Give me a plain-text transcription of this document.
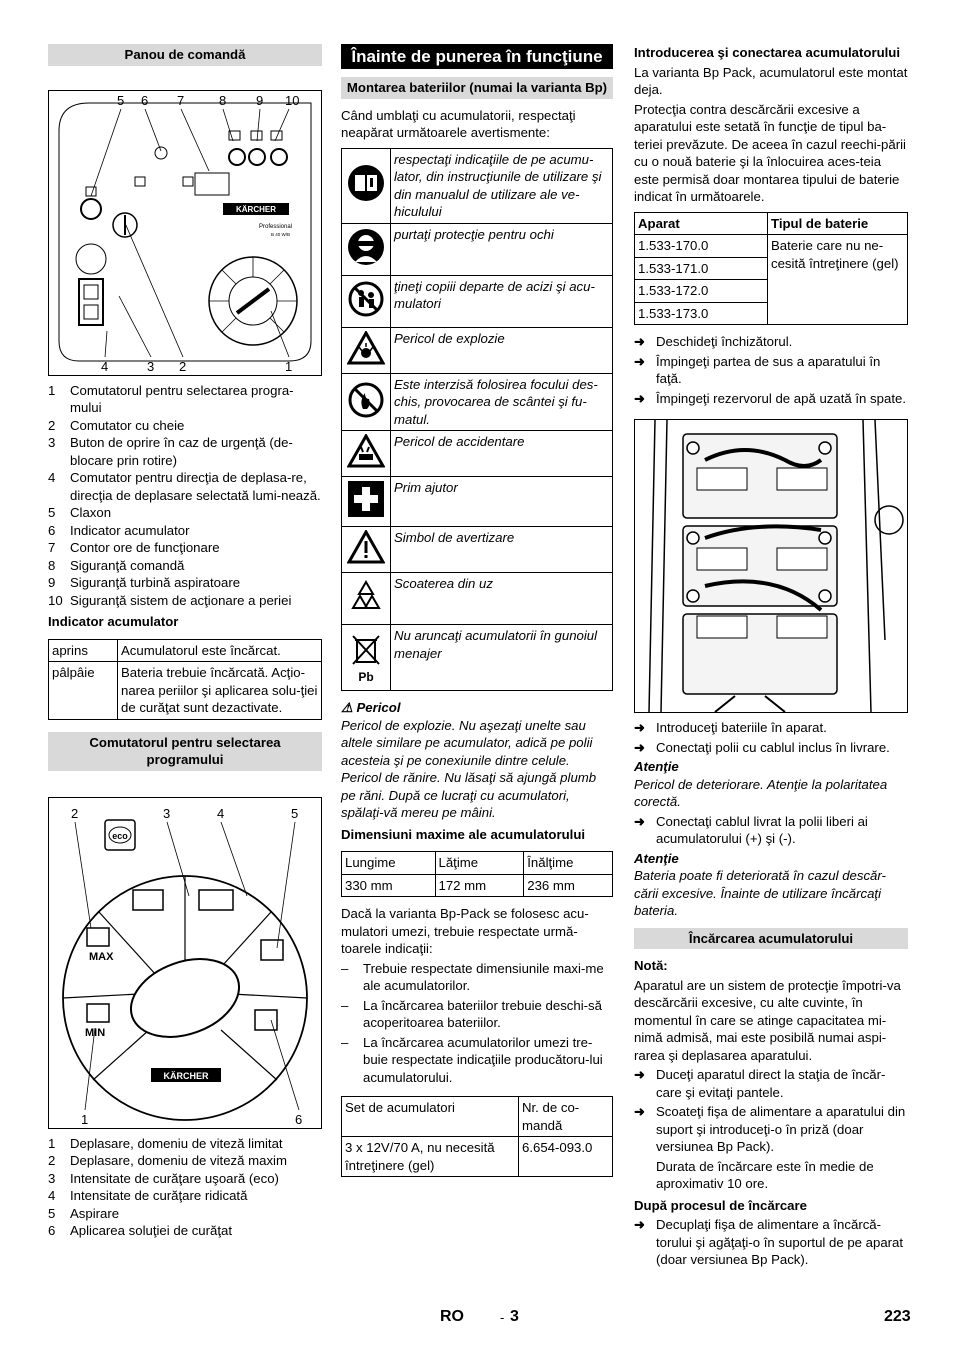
Panou de comandă
5 6 7	8 9 10
4	3 2	1
KÄRCHER
Professional
B 40 W/B
1	Comutatorul pentru selectarea progra-mului
2	Comutator cu cheie
3	Buton de oprire în caz de urgenţă (de-blocare prin rotire)
4	Comutator pentru direcţia de deplasa-re, direcţia de deplasare selectată lumi-nează.
5	Claxon
6	Indicator acumulator
7	Contor ore de funcţionare
8	Siguranţă comandă
9	Siguranţă turbină aspiratoare
10 Siguranţă sistem de acţionare a periei
Indicator acumulator
aprins	Acumulatorul este încărcat.
pâlpâie	Bateria trebuie încărcată. Acţio-narea periilor şi aplicarea solu-ţiei de curăţat sunt dezactivate.
Comutatorul pentru selectarea programului
2	3	4	5
1	6
eco
KÄRCHER
MAX
MIN
1	Deplasare, domeniu de viteză limitat
2	Deplasare, domeniu de viteză maxim
3	Intensitate de curăţare uşoară (eco)
4	Intensitate de curăţare ridicată
5	Aspirare
6	Aplicarea soluţiei de curăţat
Înainte de punerea în funcţiune
Montarea bateriilor (numai la varianta Bp)

Când umblaţi cu acumulatorii, respectaţi neapărat următoarele avertismente:

	respectaţi indicaţiile de pe acumu-lator, din instrucţiunile de utilizare şi din manualul de utilizare ale ve-hiculului
	purtaţi protecţie pentru ochi
	ţineţi copiii departe de acizi şi acu-mulatori
	Pericol de explozie
	Este interzisă folosirea focului des-chis, provocarea de scântei şi fu-matul.
	Pericol de accidentare
	Prim ajutor
	Simbol de avertizare
	Scoaterea din uz

Pb	Nu aruncaţi acumulatorii în gunoiul menajer
⚠ Pericol

Pericol de explozie. Nu aşezaţi unelte sau altele similare pe acumulator, adică pe polii acesteia şi pe conexiunile dintre celule. Pericol de rănire. Nu lăsaţi să ajungă plumb pe răni. După ce lucraţi cu acumulatori, spălaţi-vă mereu pe mâini.

Dimensiuni maxime ale acumulatorului
Lungime	Lăţime	Înălţime
330 mm	172 mm	236 mm

Dacă la varianta Bp-Pack se folosesc acu-mulatori umezi, trebuie respectate urmă-toarele indicaţii:

–	Trebuie respectate dimensiunile maxi-me ale acumulatorilor.
–	La încărcarea bateriilor trebuie deschi-să acoperitoarea bateriilor.
–	La încărcarea acumulatorilor umezi tre-buie respectate indicaţiile producătoru-lui acumulatorului.
Set de acumulatori	Nr. de co-mandă
3 x 12V/70 A, nu necesită întreţinere (gel)	6.654-093.0
Introducerea şi conectarea acumulatorului

La varianta Bp Pack, acumulatorul este montat deja.

Protecţia contra descărcării excesive a aparatului este setată în funcţie de tipul ba-teriei prevăzute. De aceea în cazul reechi-pării cu o nouă baterie şi la înlocuirea aces-teia este permisă doar montarea tipului de baterie indicat în următoarele.

Aparat	Tipul de baterie
1.533-170.0	Baterie care nu ne-cesită întreţinere (gel)
1.533-171.0	
1.533-172.0	
1.533-173.0	
➜ Deschideţi închizătorul.
➜ Împingeţi partea de sus a aparatului în faţă.
➜ Împingeţi rezervorul de apă uzată în spate.
➜ Introduceţi bateriile în aparat.
➜ Conectaţi polii cu cablul inclus în livrare.
Atenţie

Pericol de deteriorare. Atenţie la polaritatea corectă.

➜ Conectaţi cablul livrat la polii liberi ai acumulatorului (+) şi (-).
Atenţie

Bateria poate fi deteriorată în cazul descăr-cării excesive. Înainte de utilizare încărcaţi bateria.

Încărcarea acumulatorului
Notă:

Aparatul are un sistem de protecţie împotri-va descărcării excesive, cu alte cuvinte, în momentul în care se atinge capacitatea mi-nimă admisă, mai este posibilă numai aspi-rarea şi deplasarea aparatului.

➜ Duceţi aparatul direct la staţia de încăr-care şi evitaţi pantele.
➜ Scoateţi fişa de alimentare a aparatului din suport şi introduceţi-o în priză (doar versiunea Bp Pack).

Durata de încărcare este în medie de aproximativ 10 ore.

După procesul de încărcare
➜ Decuplaţi fişa de alimentare a încărcă-torului şi agăţaţi-o în suportul de pe aparat (doar versiunea Bp Pack).
RO	- 3	223
